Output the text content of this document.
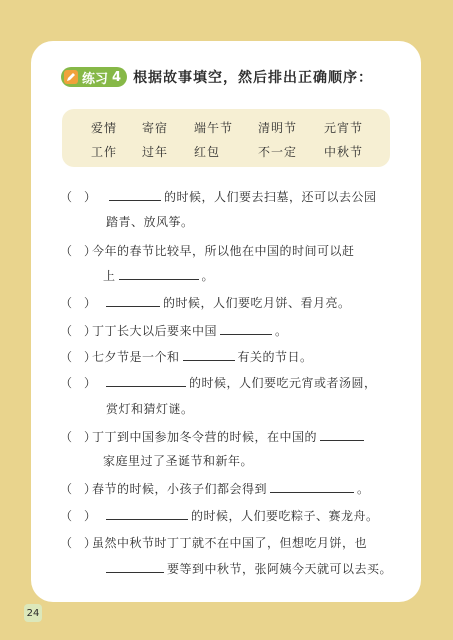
练习 4 根据故事填空，然后排出正确顺序：
爱情 寄宿 端午节 清明节 元宵节
工作 过年 红包	不一定 中秋节
（　）	的时候，人们要去扫墓，还可以去公园
踏青、放风筝。
（　）
今年的春节比较早，所以他在中国的时间可以赶
上	。
（　）	的时候，人们要吃月饼、看月亮。
（　）
丁丁长大以后要来中国	。
（　）
七夕节是一个和	有关的节日。
（　）	的时候，人们要吃元宵或者汤圆，
赏灯和猜灯谜。
（　）
丁丁到中国参加冬令营的时候，在中国的
家庭里过了圣诞节和新年。
（　）
春节的时候，小孩子们都会得到	。
（　）	的时候，人们要吃粽子、赛龙舟。
（　）
虽然中秋节时丁丁就不在中国了，但想吃月饼，也
要等到中秋节，张阿姨今天就可以去买。
24
